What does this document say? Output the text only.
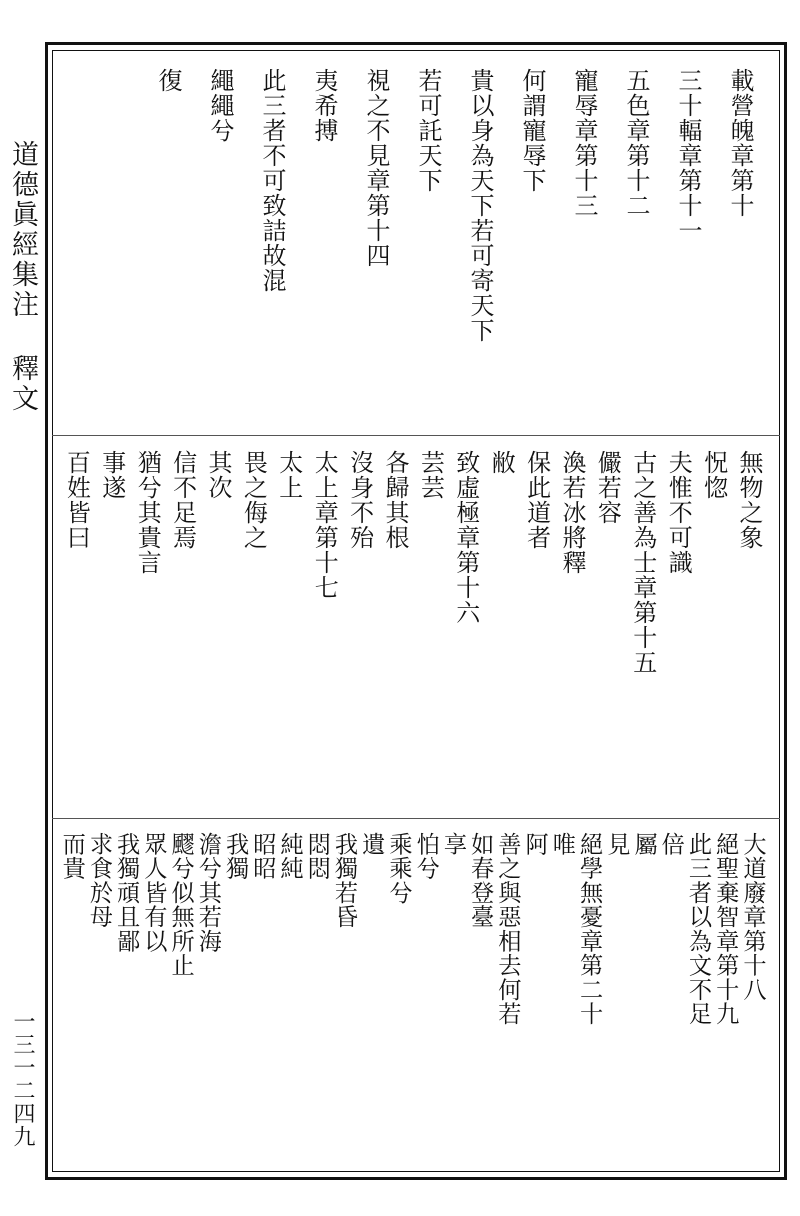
道德眞經集注 釋文
一三一二四九
載營魄章第十
三十輻章第十一
五色章第十二
寵辱章第十三
何謂寵辱下
貴以身為天下若可寄天下
若可託天下
視之不見章第十四
夷希搏
此三者不可致詰故混
繩繩兮
復
無物之象
怳惚
夫惟不可識
古之善為士章第十五
儼若容
渙若冰將釋
保此道者
敝
致虛極章第十六
芸芸
各歸其根
沒身不殆
太上章第十七
太上
畏之侮之
其次
信不足焉
猶兮其貴言
事遂
百姓皆曰
大道廢章第十八
絕聖棄智章第十九
此三者以為文不足
倍
屬
見
絕學無憂章第二十
唯
阿
善之與惡相去何若
如春登臺
享
怕兮
乘乘兮
遺
我獨若昏
悶悶
純純
昭昭
我獨
澹兮其若海
飂兮似無所止
眾人皆有以
我獨頑且鄙
求食於母
而貴
